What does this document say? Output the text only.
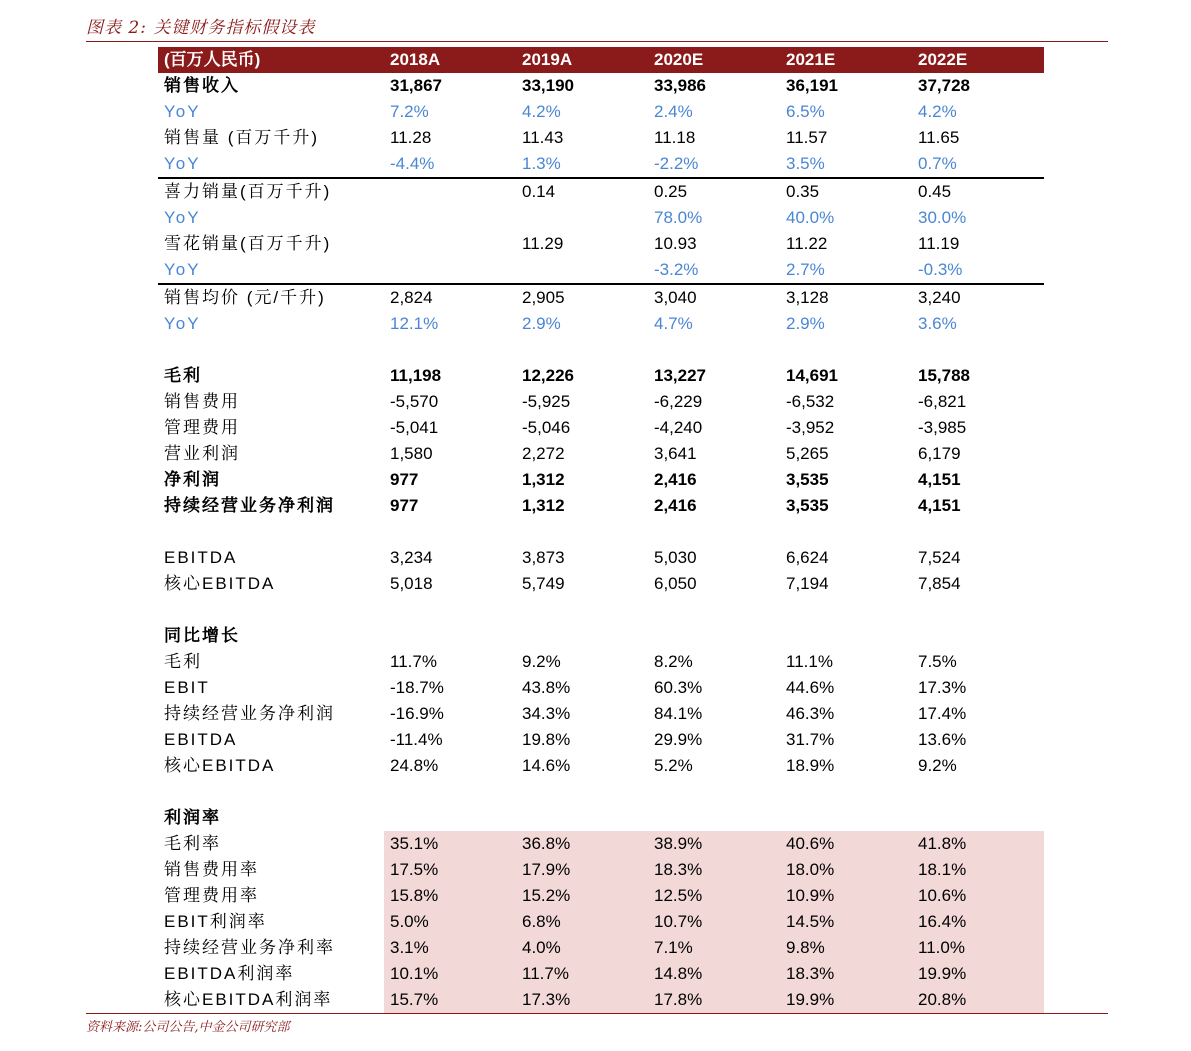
图表 2: 关键财务指标假设表
(百万人民币)	2018A	2019A	2020E	2021E	2022E
销售收入	31,867	33,190	33,986	36,191	37,728
YoY	7.2%	4.2%	2.4%	6.5%	4.2%
销售量 (百万千升)	11.28	11.43	11.18	11.57	11.65
YoY	-4.4%	1.3%	-2.2%	3.5%	0.7%
喜力销量(百万千升)		0.14	0.25	0.35	0.45
YoY			78.0%	40.0%	30.0%
雪花销量(百万千升)		11.29	10.93	11.22	11.19
YoY			-3.2%	2.7%	-0.3%
销售均价 (元/千升)	2,824	2,905	3,040	3,128	3,240
YoY	12.1%	2.9%	4.7%	2.9%	3.6%

毛利	11,198	12,226	13,227	14,691	15,788
销售费用	-5,570	-5,925	-6,229	-6,532	-6,821
管理费用	-5,041	-5,046	-4,240	-3,952	-3,985
营业利润	1,580	2,272	3,641	5,265	6,179
净利润	977	1,312	2,416	3,535	4,151
持续经营业务净利润	977	1,312	2,416	3,535	4,151

EBITDA	3,234	3,873	5,030	6,624	7,524
核心EBITDA	5,018	5,749	6,050	7,194	7,854

同比增长					
毛利	11.7%	9.2%	8.2%	11.1%	7.5%
EBIT	-18.7%	43.8%	60.3%	44.6%	17.3%
持续经营业务净利润	-16.9%	34.3%	84.1%	46.3%	17.4%
EBITDA	-11.4%	19.8%	29.9%	31.7%	13.6%
核心EBITDA	24.8%	14.6%	5.2%	18.9%	9.2%

利润率					
毛利率	35.1%	36.8%	38.9%	40.6%	41.8%
销售费用率	17.5%	17.9%	18.3%	18.0%	18.1%
管理费用率	15.8%	15.2%	12.5%	10.9%	10.6%
EBIT利润率	5.0%	6.8%	10.7%	14.5%	16.4%
持续经营业务净利率	3.1%	4.0%	7.1%	9.8%	11.0%
EBITDA利润率	10.1%	11.7%	14.8%	18.3%	19.9%
核心EBITDA利润率	15.7%	17.3%	17.8%	19.9%	20.8%
资料来源:公司公告,中金公司研究部
